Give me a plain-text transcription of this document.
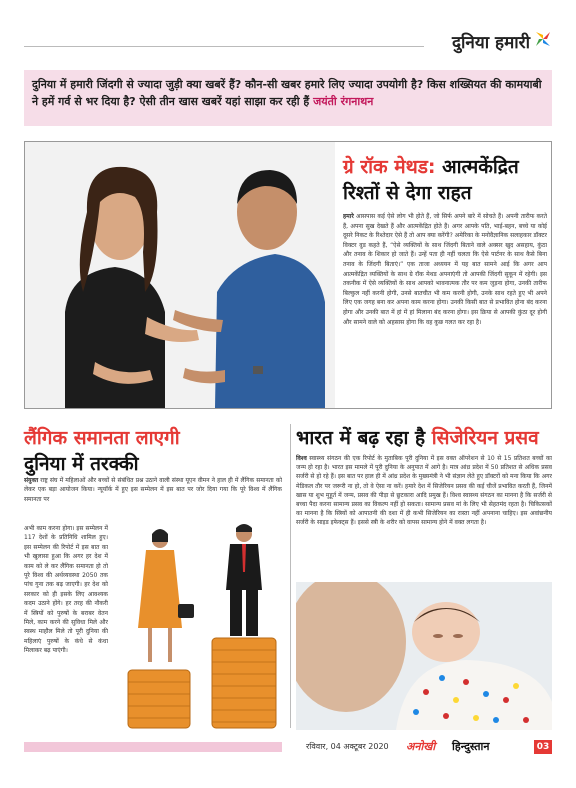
दुनिया हमारी
दुनिया में हमारी जिंदगी से ज्यादा जुड़ी क्या खबरें हैं? कौन-सी खबर हमारे लिए ज्यादा उपयोगी है? किस शख्सियत की कामयाबी ने हमें गर्व से भर दिया है? ऐसी तीन खास खबरें यहां साझा कर रही हैं जयंती रंगनाथन
ग्रे रॉक मेथड: आत्मकेंद्रित
रिश्तों से देगा राहत
हमारे आसपास कई ऐसे लोग भी होते हैं, जो सिर्फ अपने बारे में सोचते हैं। अपनी तारीफ करते हैं, अपना सुख देखते हैं और आत्मकेंद्रित होते हैं। अगर आपके पति, भाई-बहन, बच्चे या कोई दूसरे निकट के रिश्तेदार ऐसे हैं तो आप क्या करेंगी? अमेरिका के मनोवैज्ञानिक सलाहकार डॉक्टर विक्टर वुड कहते हैं, “ऐसे व्यक्तियों के साथ जिंदगी बिताने वाले अक्सर खुद असहाय, कुंठा और तनाव के शिकार हो जाते हैं। उन्हें पता ही नहीं चलता कि ऐसे पार्टनर के साथ कैसे बिना तनाव के जिंदगी बिताएं।” एक ताजा अध्ययन में यह बात सामने आई कि अगर आप आत्मकेंद्रित व्यक्तियों के साथ ग्रे रॉक मेथड अपनाएंगी तो आपकी जिंदगी सुकून में रहेगी। इस तकनीक में ऐसे व्यक्तियों के साथ आपको भावनात्मक तौर पर कम जुड़ना होगा, उनकी तारीफ बिल्कुल नहीं करनी होगी, उनसे बातचीत भी कम करनी होगी, उनके साथ रहते हुए भी अपने लिए एक जगह बना कर अपना काम करना होगा। उनकी किसी बात से प्रभावित होना बंद करना होगा और उनकी बात में हां में हां मिलाना बंद करना होगा। इस क्रिया से आपकी कुंठा दूर होगी और सामने वाले को अहसास होगा कि वह कुछ गलत कर रहा है।
लैंगिक समानता लाएगी
दुनिया में तरक्की
संयुक्त राष्ट्र संघ में महिलाओं और बच्चों से संबंधित प्रश्न उठाने वाली संस्था यूएन वीमन ने हाल ही में लैंगिक समानता को लेकर एक बड़ा आयोजन किया। न्यूयॉर्क में हुए इस सम्मेलन में इस बात पर जोर दिया गया कि पूरे विश्व में लैंगिक समानता पर
अभी काम करना होगा। इस सम्मेलन में 117 देशों के प्रतिनिधि शामिल हुए। इस सम्मेलन की रिपोर्ट में इस बात का भी खुलासा हुआ कि अगर हर देश में काम को ले कर लैंगिक समानता हो तो पूरे विश्व की अर्थव्यवस्था 2050 तक पांच गुना तक बढ़ जाएगी। हर देश को सरकार को ही इसके लिए आवश्यक कदम उठाने होंगे। हर तरह की नौकरी में स्त्रियों को पुरुषों के बराबर वेतन मिले, काम करने की सुविधा मिले और स्वस्थ माहौल मिले तो पूरी दुनिया की महिलाएं पुरुषों के कंधे से कंधा मिलाकर बढ़ पाएंगी।
भारत में बढ़ रहा है सिजेरियन प्रसव
विश्व स्वास्थ्य संगठन की एक रिपोर्ट के मुताबिक पूरी दुनिया में इस वक्त ऑपरेशन से 10 से 15 प्रतिशत बच्चों का जन्म हो रहा है। भारत इस मामले में पूरी दुनिया के अनुपात में आगे है। मात्र आंध्र प्रदेश में 50 प्रतिशत से अधिक प्रसव सर्जरी से हो रहे हैं। इस बात पर हाल ही में आंध्र प्रदेश के मुख्यमंत्री ने भी संज्ञान लेते हुए डॉक्टरों को मना किया कि अगर मेडिकल तौर पर जरूरी ना हो, तो वे ऐसा ना करें। हमारे देश में सिजेरियन प्रसव की कई चीजें प्रभावित करती हैं, जिनमें खास या शुभ मुहूर्त में जन्म, प्रसव की पीड़ा से छुटकारा आदि प्रमुख हैं। विश्व स्वास्थ्य संगठन का मानना है कि सर्जरी से बच्चा पैदा करना सामान्य प्रसव का विकल्प नहीं हो सकता। सामान्य प्रसव मां के लिए भी सेहतमंद रहता है। चिकित्सकों का मानना है कि स्त्रियों को आपातनी की दशा में ही कभी सिजेरियन का रास्ता नहीं अपनाना चाहिए। इस अवांछनीय सर्जरी के साइड इफेक्ट्स हैं। इससे स्त्री के शरीर को वापस सामान्य होने में वक्त लगता है।
रविवार, 04 अक्टूबर 2020 अनोखी हिन्दुस्तान	03
